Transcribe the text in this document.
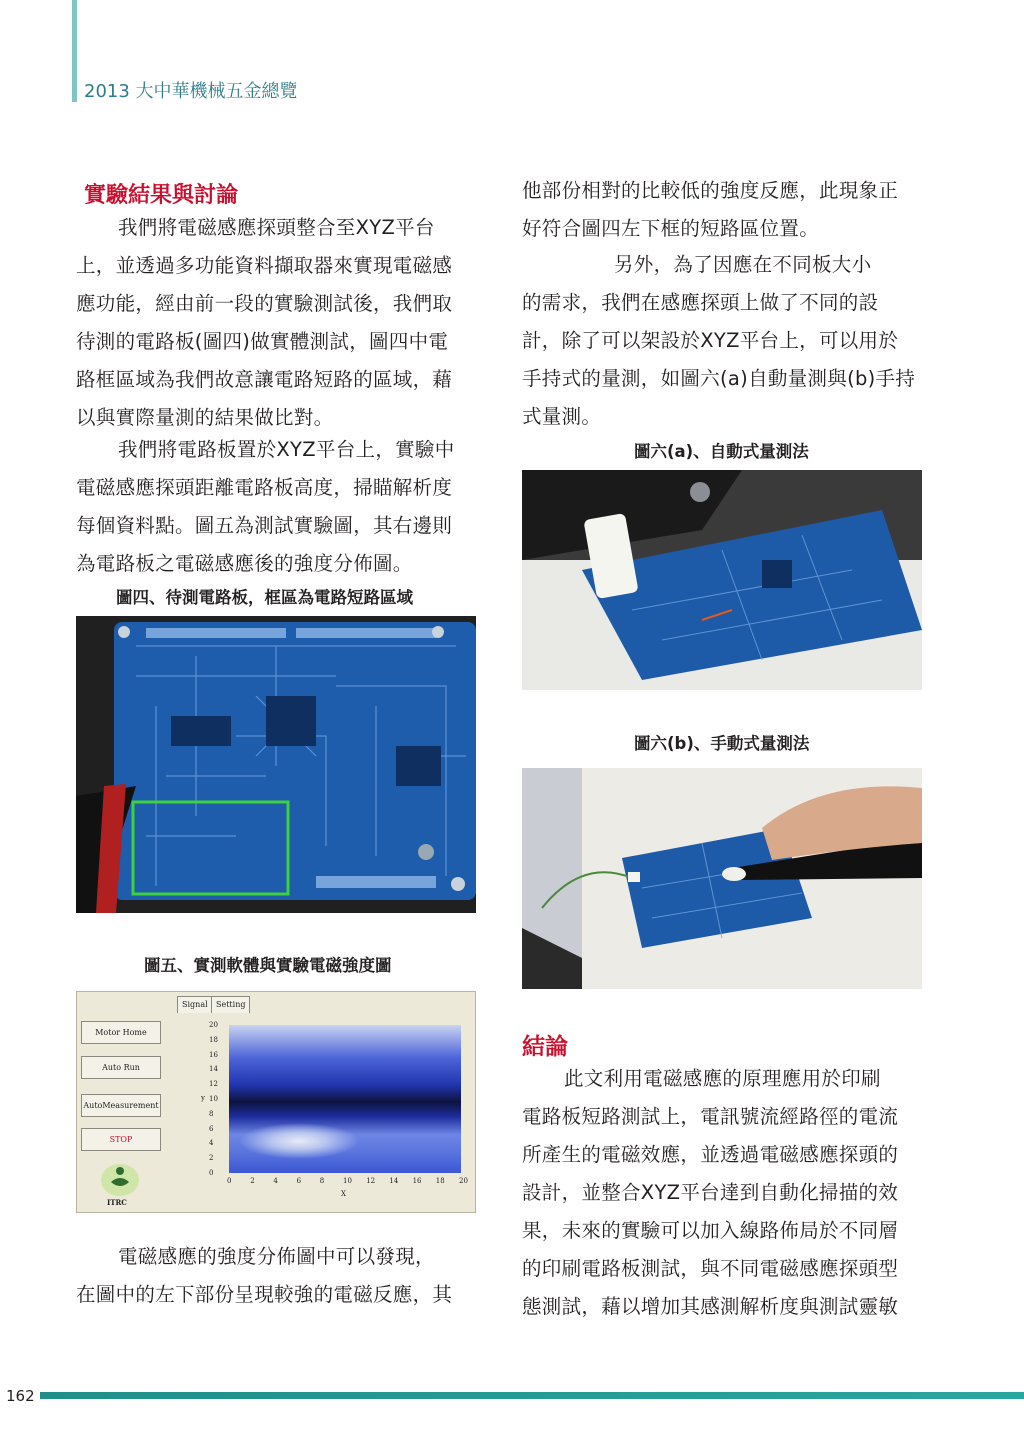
2013 大中華機械五金總覽
實驗結果與討論
我們將電磁感應探頭整合至XYZ平台
上，並透過多功能資料擷取器來實現電磁感
應功能，經由前一段的實驗測試後，我們取
待測的電路板(圖四)做實體測試，圖四中電
路框區域為我們故意讓電路短路的區域，藉
以與實際量測的結果做比對。
我們將電路板置於XYZ平台上，實驗中
電磁感應探頭距離電路板高度，掃瞄解析度
每個資料點。圖五為測試實驗圖，其右邊則
為電路板之電磁感應後的強度分佈圖。
圖四、待測電路板，框區為電路短路區域
圖五、實測軟體與實驗電磁強度圖
Signal	Setting
Motor Home
Auto Run
AutoMeasurement
STOP
ITRC
20
18
16
14
12
10
8
6
4
2
0
0	2	4	6	8	10 12 14 16 18 20
y
X
電磁感應的強度分佈圖中可以發現，
在圖中的左下部份呈現較強的電磁反應，其
他部份相對的比較低的強度反應，此現象正
好符合圖四左下框的短路區位置。
另外，為了因應在不同板大小
的需求，我們在感應探頭上做了不同的設
計，除了可以架設於XYZ平台上，可以用於
手持式的量測，如圖六(a)自動量測與(b)手持
式量測。
圖六(a)、自動式量測法
圖六(b)、手動式量測法
結論
此文利用電磁感應的原理應用於印刷
電路板短路測試上，電訊號流經路徑的電流
所產生的電磁效應，並透過電磁感應探頭的
設計，並整合XYZ平台達到自動化掃描的效
果，未來的實驗可以加入線路佈局於不同層
的印刷電路板測試，與不同電磁感應探頭型
態測試，藉以增加其感測解析度與測試靈敏
162
